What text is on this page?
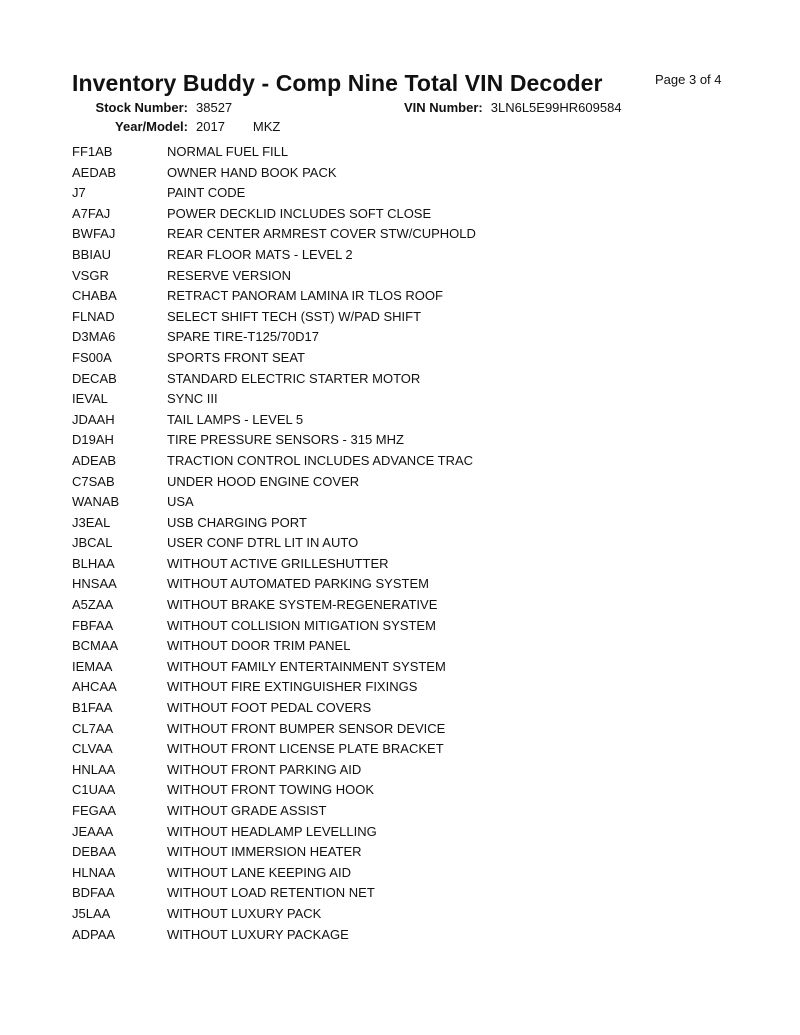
Inventory Buddy - Comp Nine Total VIN Decoder	Page 3 of 4
Stock Number: 38527	VIN Number: 3LN6L5E99HR609584
Year/Model: 2017 MKZ
FF1AB	NORMAL FUEL FILL
AEDAB	OWNER HAND BOOK PACK
J7	PAINT CODE
A7FAJ	POWER DECKLID INCLUDES SOFT CLOSE
BWFAJ	REAR CENTER ARMREST COVER STW/CUPHOLD
BBIAU	REAR FLOOR MATS - LEVEL 2
VSGR	RESERVE VERSION
CHABA	RETRACT PANORAM LAMINA IR TLOS ROOF
FLNAD	SELECT SHIFT TECH (SST) W/PAD SHIFT
D3MA6	SPARE TIRE-T125/70D17
FS00A	SPORTS FRONT SEAT
DECAB	STANDARD ELECTRIC STARTER MOTOR
IEVAL	SYNC III
JDAAH	TAIL LAMPS - LEVEL 5
D19AH	TIRE PRESSURE SENSORS - 315 MHZ
ADEAB	TRACTION CONTROL INCLUDES ADVANCE TRAC
C7SAB	UNDER HOOD ENGINE COVER
WANAB	USA
J3EAL	USB CHARGING PORT
JBCAL	USER CONF DTRL LIT IN AUTO
BLHAA	WITHOUT ACTIVE GRILLESHUTTER
HNSAA	WITHOUT AUTOMATED PARKING SYSTEM
A5ZAA	WITHOUT BRAKE SYSTEM-REGENERATIVE
FBFAA	WITHOUT COLLISION MITIGATION SYSTEM
BCMAA	WITHOUT DOOR TRIM PANEL
IEMAA	WITHOUT FAMILY ENTERTAINMENT SYSTEM
AHCAA	WITHOUT FIRE EXTINGUISHER FIXINGS
B1FAA	WITHOUT FOOT PEDAL COVERS
CL7AA	WITHOUT FRONT BUMPER SENSOR DEVICE
CLVAA	WITHOUT FRONT LICENSE PLATE BRACKET
HNLAA	WITHOUT FRONT PARKING AID
C1UAA	WITHOUT FRONT TOWING HOOK
FEGAA	WITHOUT GRADE ASSIST
JEAAA	WITHOUT HEADLAMP LEVELLING
DEBAA	WITHOUT IMMERSION HEATER
HLNAA	WITHOUT LANE KEEPING AID
BDFAA	WITHOUT LOAD RETENTION NET
J5LAA	WITHOUT LUXURY PACK
ADPAA	WITHOUT LUXURY PACKAGE
